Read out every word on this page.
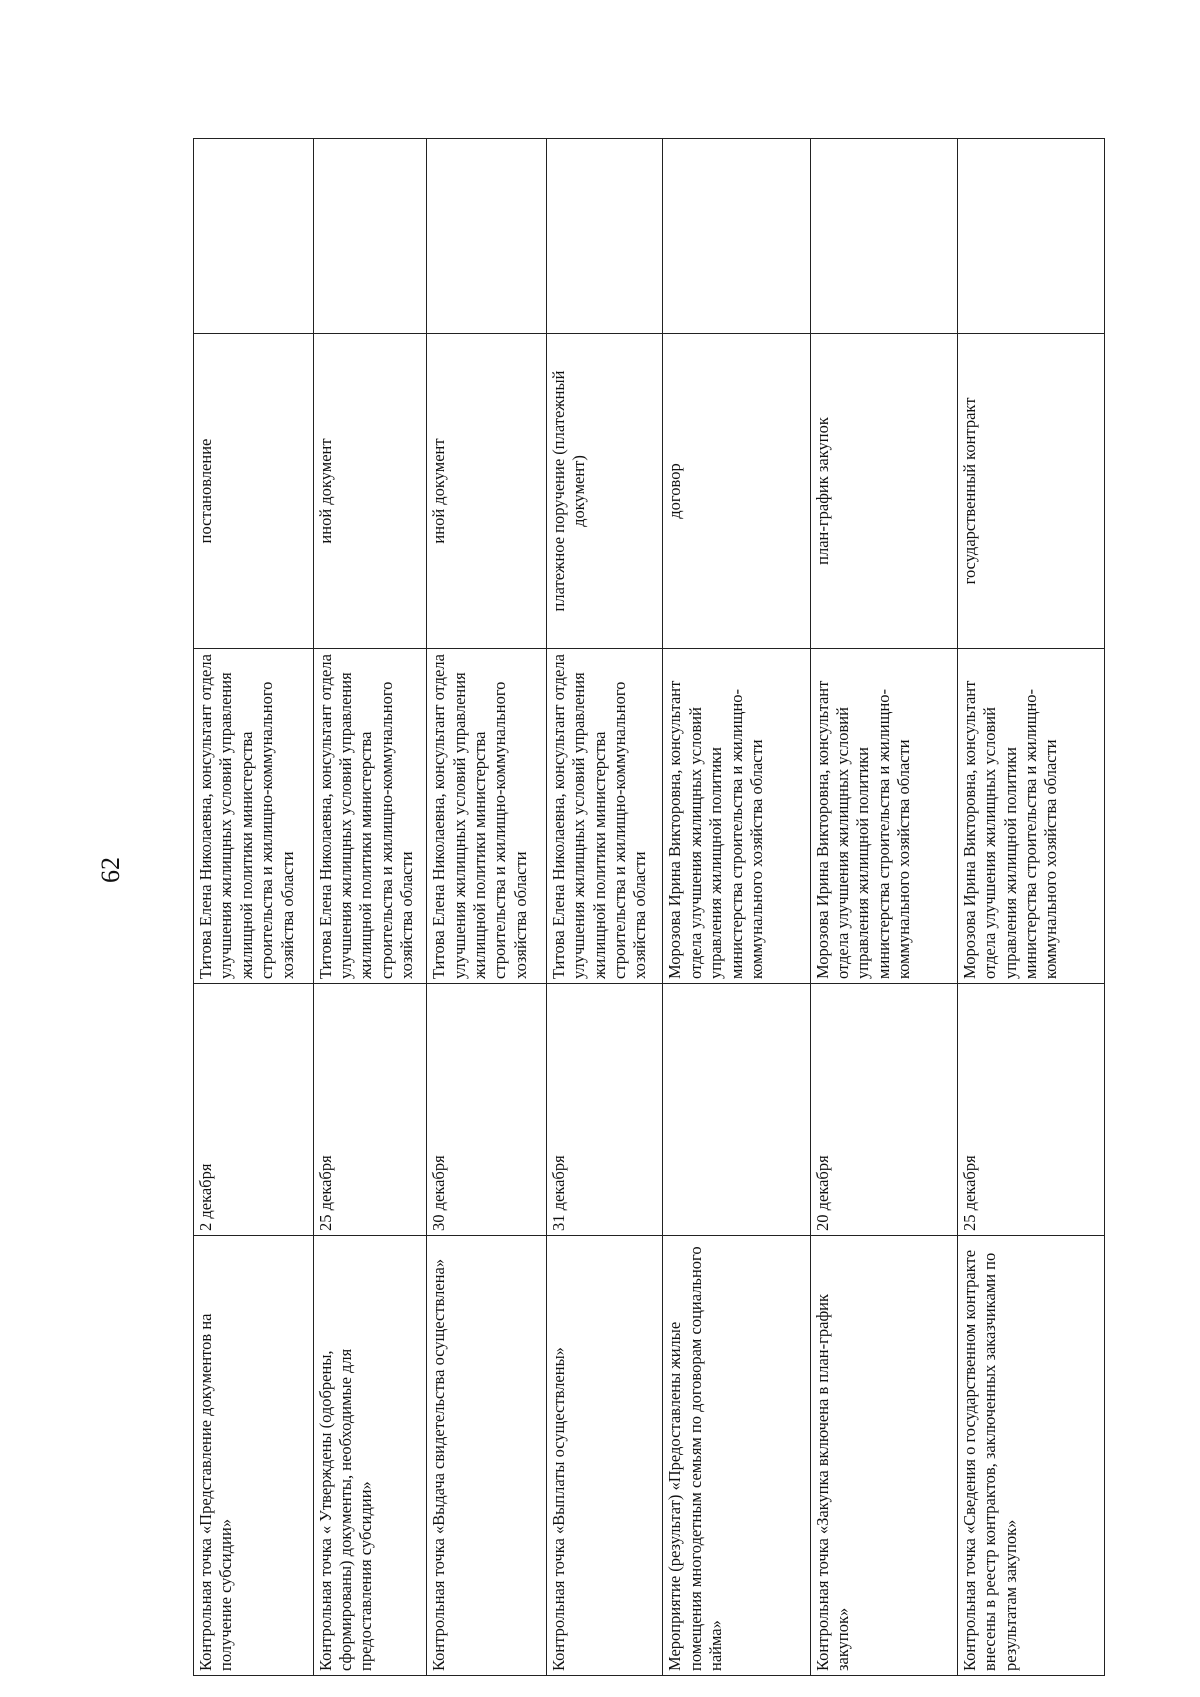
62
Контрольная точка «Представление документов на получение субсидии»	2 декабря	Титова Елена Николаевна, консультант отдела улучшения жилищных условий управления жилищной политики министерства строительства и жилищно-коммунального хозяйства области	постановление	
Контрольная точка « Утверждены (одобрены, сформированы) документы, необходимые для предоставления субсидии»	25 декабря	Титова Елена Николаевна, консультант отдела улучшения жилищных условий управления жилищной политики министерства строительства и жилищно-коммунального хозяйства области	иной документ	
Контрольная точка «Выдача свидетельства осуществлена»	30 декабря	Титова Елена Николаевна, консультант отдела улучшения жилищных условий управления жилищной политики министерства строительства и жилищно-коммунального хозяйства области	иной документ	
Контрольная точка «Выплаты осуществлены»	31 декабря	Титова Елена Николаевна, консультант отдела улучшения жилищных условий управления жилищной политики министерства строительства и жилищно-коммунального хозяйства области	платежное поручение (платежный документ)	
Мероприятие (результат) «Предоставлены жилые помещения многодетным семьям по договорам социального найма»		Морозова Ирина Викторовна, консультант отдела улучшения жилищных условий управления жилищной политики министерства строительства и жилищно-коммунального хозяйства области	договор	
Контрольная точка «Закупка включена в план-график закупок»	20 декабря	Морозова Ирина Викторовна, консультант отдела улучшения жилищных условий управления жилищной политики министерства строительства и жилищно-коммунального хозяйства области	план-график закупок	
Контрольная точка «Сведения о государственном контракте внесены в реестр контрактов, заключенных заказчиками по результатам закупок»	25 декабря	Морозова Ирина Викторовна, консультант отдела улучшения жилищных условий управления жилищной политики министерства строительства и жилищно-коммунального хозяйства области	государственный контракт	
